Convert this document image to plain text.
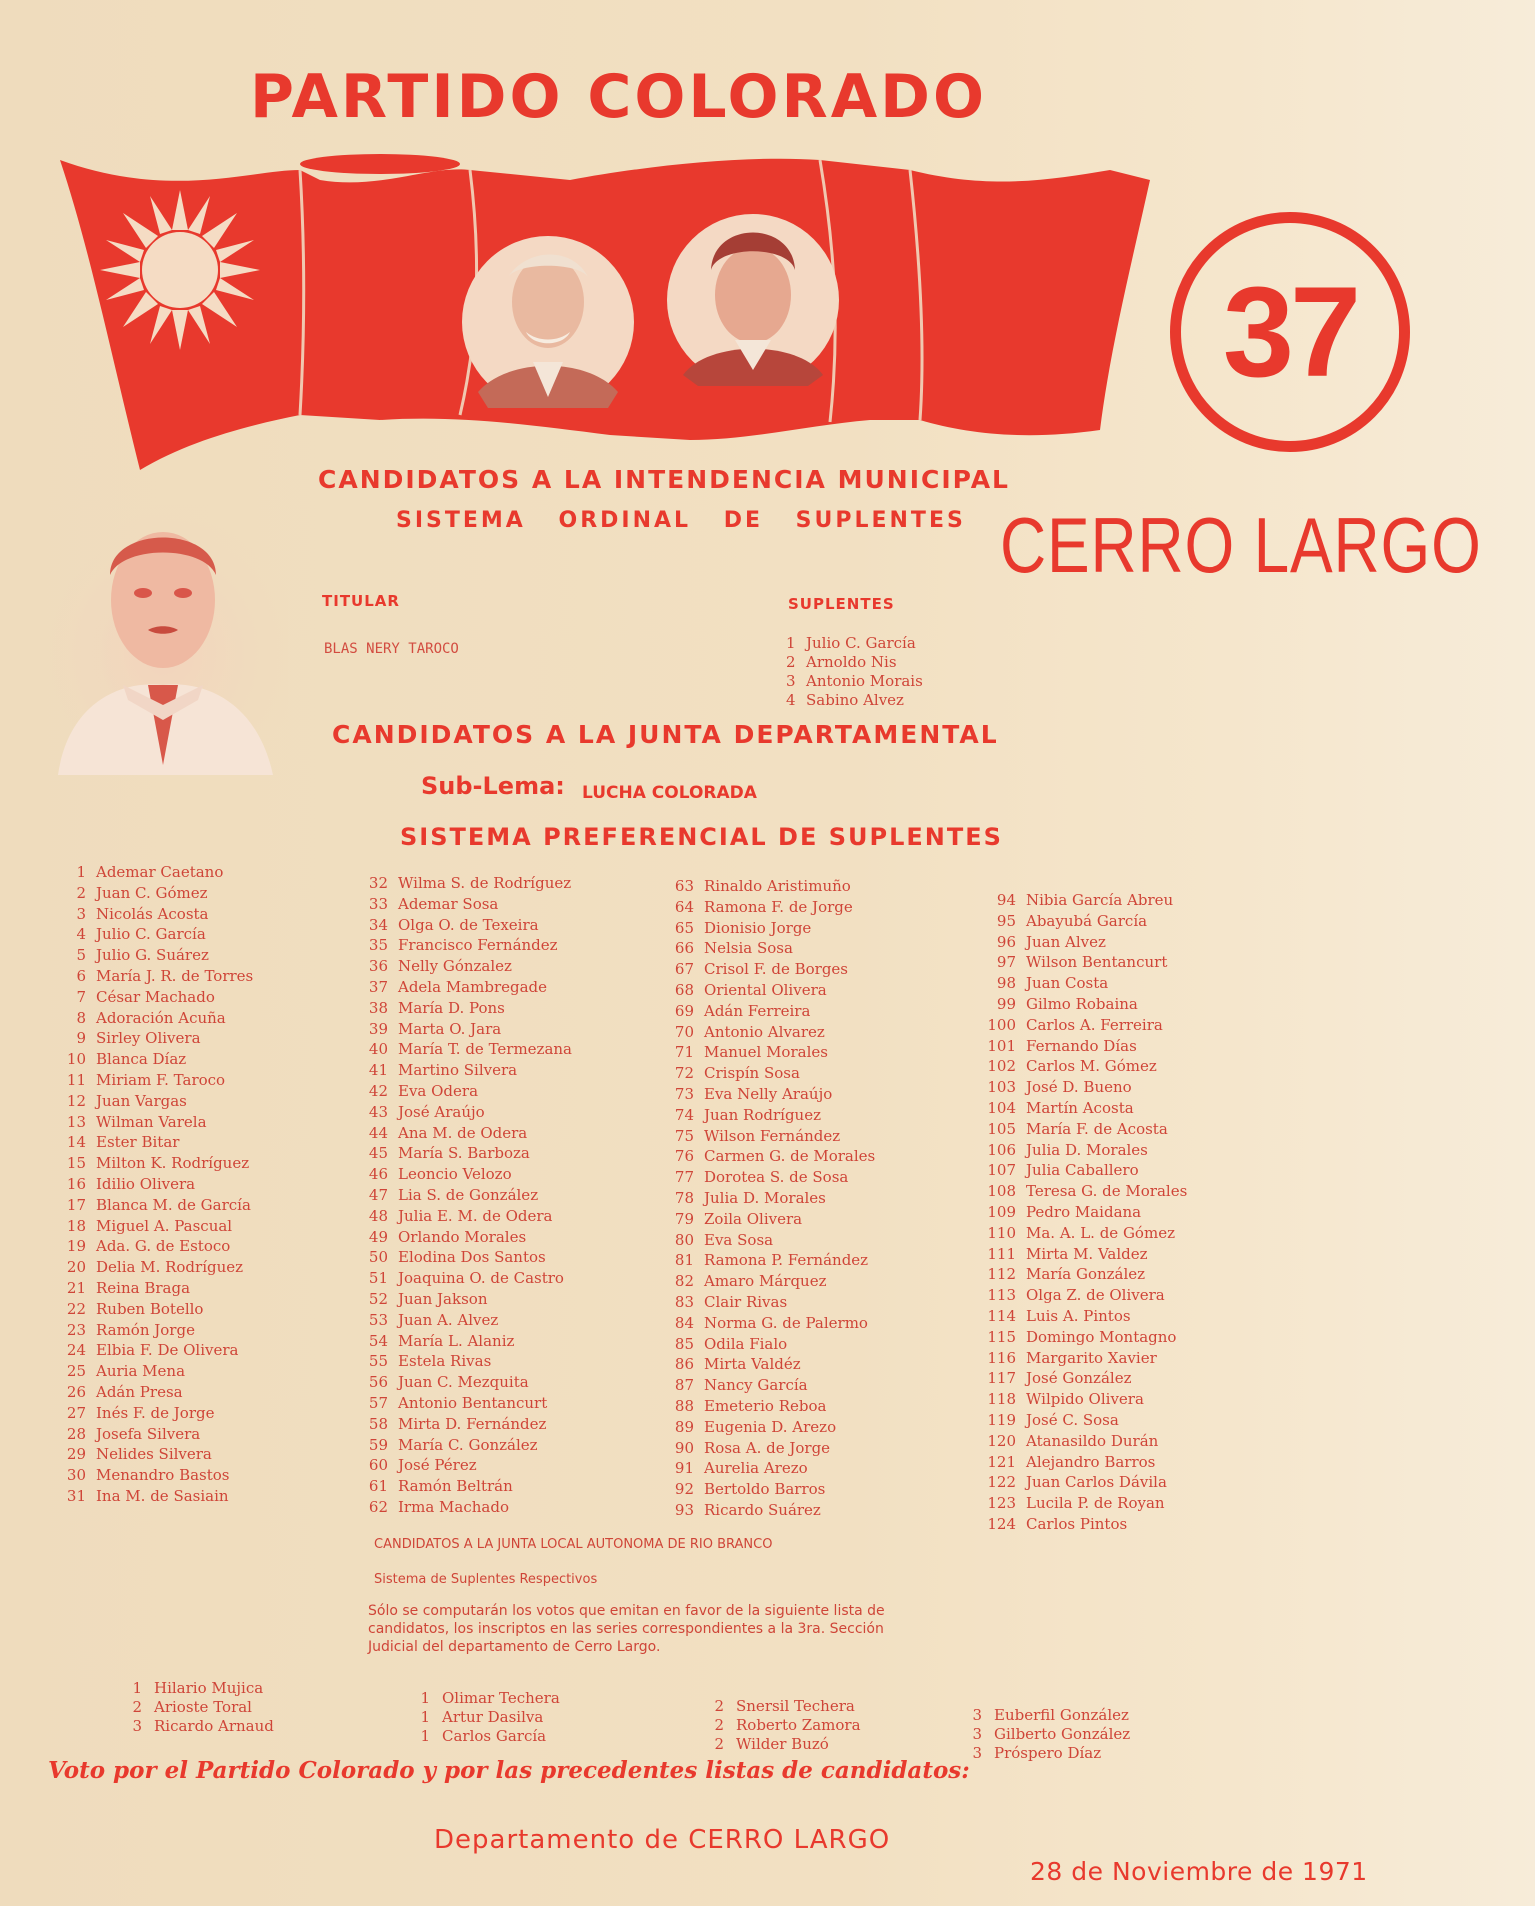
PARTIDO COLORADO
37
CANDIDATOS A LA INTENDENCIA MUNICIPAL
SISTEMA ORDINAL DE SUPLENTES CERRO LARGO
TITULAR
BLAS NERY TAROCO
SUPLENTES
1 Julio C. García
2 Arnoldo Nis
3 Antonio Morais
4 Sabino Alvez
CANDIDATOS A LA JUNTA DEPARTAMENTAL
Sub-Lema: LUCHA COLORADA
SISTEMA PREFERENCIAL DE SUPLENTES
1 Ademar Caetano
2 Juan C. Gómez
3 Nicolás Acosta
4 Julio C. García
5 Julio G. Suárez
6 María J. R. de Torres
7 César Machado
8 Adoración Acuña
9 Sirley Olivera
10 Blanca Díaz
11 Miriam F. Taroco
12 Juan Vargas
13 Wilman Varela
14 Ester Bitar
15 Milton K. Rodríguez
16 Idilio Olivera
17 Blanca M. de García
18 Miguel A. Pascual
19 Ada. G. de Estoco
20 Delia M. Rodríguez
21 Reina Braga
22 Ruben Botello
23 Ramón Jorge
24 Elbia F. De Olivera
25 Auria Mena
26 Adán Presa
27 Inés F. de Jorge
28 Josefa Silvera
29 Nelides Silvera
30 Menandro Bastos
31 Ina M. de Sasiain
32 Wilma S. de Rodríguez
33 Ademar Sosa
34 Olga O. de Texeira
35 Francisco Fernández
36 Nelly Gónzalez
37 Adela Mambregade
38 María D. Pons
39 Marta O. Jara
40 María T. de Termezana
41 Martino Silvera
42 Eva Odera
43 José Araújo
44 Ana M. de Odera
45 María S. Barboza
46 Leoncio Velozo
47 Lia S. de González
48 Julia E. M. de Odera
49 Orlando Morales
50 Elodina Dos Santos
51 Joaquina O. de Castro
52 Juan Jakson
53 Juan A. Alvez
54 María L. Alaniz
55 Estela Rivas
56 Juan C. Mezquita
57 Antonio Bentancurt
58 Mirta D. Fernández
59 María C. González
60 José Pérez
61 Ramón Beltrán
62 Irma Machado
63 Rinaldo Aristimuño
64 Ramona F. de Jorge
65 Dionisio Jorge
66 Nelsia Sosa
67 Crisol F. de Borges
68 Oriental Olivera
69 Adán Ferreira
70 Antonio Alvarez
71 Manuel Morales
72 Crispín Sosa
73 Eva Nelly Araújo
74 Juan Rodríguez
75 Wilson Fernández
76 Carmen G. de Morales
77 Dorotea S. de Sosa
78 Julia D. Morales
79 Zoila Olivera
80 Eva Sosa
81 Ramona P. Fernández
82 Amaro Márquez
83 Clair Rivas
84 Norma G. de Palermo
85 Odila Fialo
86 Mirta Valdéz
87 Nancy García
88 Emeterio Reboa
89 Eugenia D. Arezo
90 Rosa A. de Jorge
91 Aurelia Arezo
92 Bertoldo Barros
93 Ricardo Suárez
94 Nibia García Abreu
95 Abayubá García
96 Juan Alvez
97 Wilson Bentancurt
98 Juan Costa
99 Gilmo Robaina
100 Carlos A. Ferreira
101 Fernando Días
102 Carlos M. Gómez
103 José D. Bueno
104 Martín Acosta
105 María F. de Acosta
106 Julia D. Morales
107 Julia Caballero
108 Teresa G. de Morales
109 Pedro Maidana
110 Ma. A. L. de Gómez
111 Mirta M. Valdez
112 María González
113 Olga Z. de Olivera
114 Luis A. Pintos
115 Domingo Montagno
116 Margarito Xavier
117 José González
118 Wilpido Olivera
119 José C. Sosa
120 Atanasildo Durán
121 Alejandro Barros
122 Juan Carlos Dávila
123 Lucila P. de Royan
124 Carlos Pintos
CANDIDATOS A LA JUNTA LOCAL AUTONOMA DE RIO BRANCO
Sistema de Suplentes Respectivos
Sólo se computarán los votos que emitan en favor de la siguiente lista de candidatos, los inscriptos en las series correspondientes a la 3ra. Sección Judicial del departamento de Cerro Largo.
1 Hilario Mujica
2 Arioste Toral
3 Ricardo Arnaud
1 Olimar Techera
1 Artur Dasilva
1 Carlos García
2 Snersil Techera
2 Roberto Zamora
2 Wilder Buzó
3 Euberfil González
3 Gilberto González
3 Próspero Díaz
Voto por el Partido Colorado y por las precedentes listas de candidatos:
Departamento de CERRO LARGO
28 de Noviembre de 1971
